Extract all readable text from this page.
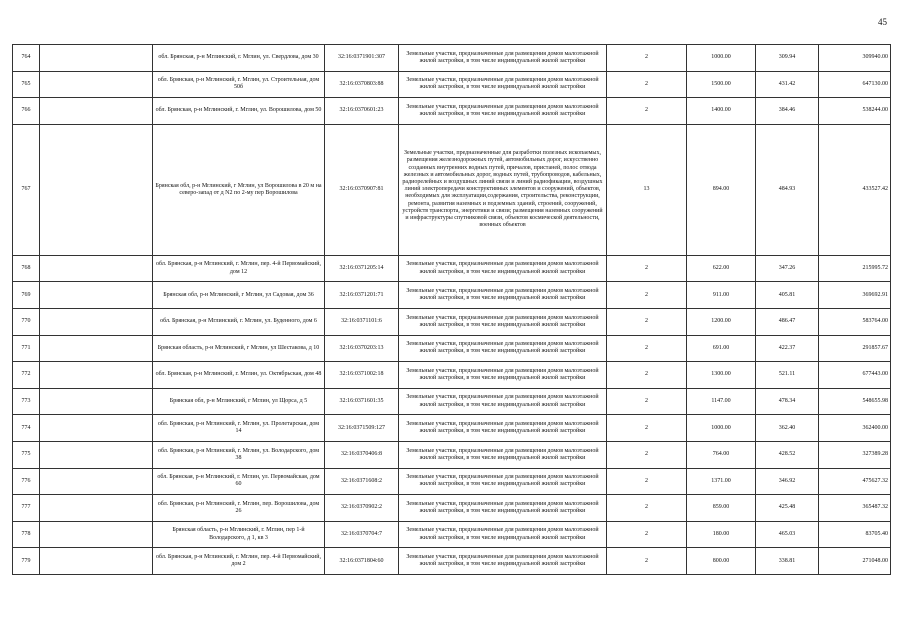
45
764		обл. Брянская, р-н Мглинский, г. Мглин, ул. Свердлова, дом 30	32:16:0371901:307	Земельные участки, предназначенные для размещения домов малоэтажной жилой застройки, в том числе индивидуальной жилой застройки	2	1000.00	309.94	309940.00
765		обл. Брянская, р-н Мглинский, г. Мглин, ул. Строительная, дом 50б	32:16:0370803:88	Земельные участки, предназначенные для размещения домов малоэтажной жилой застройки, в том числе индивидуальной жилой застройки	2	1500.00	431.42	647130.00
766		обл. Брянская, р-н Мглинский, г. Мглин, ул. Ворошилова, дом 50	32:16:0370601:23	Земельные участки, предназначенные для размещения домов малоэтажной жилой застройки, в том числе индивидуальной жилой застройки	2	1400.00	384.46	538244.00
767		Брянская обл, р-н Мглинский, г Мглин, ул Ворошилова в 20 м на северо-запад от д N2 по 2-му пер Ворошилова	32:16:0370907:81	Земельные участки, предназначенные для разработки полезных ископаемых, размещения железнодорожных путей, автомобильных дорог, искусственно созданных внутренних водных путей, причалов, пристаней, полос отвода железных и автомобильных дорог, водных путей, трубопроводов, кабельных, радиорелейных и воздушных линий связи и линий радиофикации, воздушных линий электропередачи конструктивных элементов и сооружений, объектов, необходимых для эксплуатации,содержания, строительства, реконструкции, ремонта, развития наземных и подземных зданий, строений, сооружений, устройств транспорта, энергетики и связи; размещения наземных сооружений и инфраструктуры спутниковой связи, объектов космической деятельности, военных объектов	13	894.00	484.93	433527.42
768		обл. Брянская, р-н Мглинский, г. Мглин, пер. 4-й Первомайский, дом 12	32:16:0371205:14	Земельные участки, предназначенные для размещения домов малоэтажной жилой застройки, в том числе индивидуальной жилой застройки	2	622.00	347.26	215995.72
769		Брянская обл, р-н Мглинский, г Мглин, ул Садовая, дом 36	32:16:0371201:71	Земельные участки, предназначенные для размещения домов малоэтажной жилой застройки, в том числе индивидуальной жилой застройки	2	911.00	405.81	369692.91
770		обл. Брянская, р-н Мглинский, г. Мглин, ул. Буденного, дом 6	32:16:0371101:6	Земельные участки, предназначенные для размещения домов малоэтажной жилой застройки, в том числе индивидуальной жилой застройки	2	1200.00	486.47	583764.00
771		Брянская область, р-н Мглинский, г Мглин, ул Шестакова, д 10	32:16:0370203:13	Земельные участки, предназначенные для размещения домов малоэтажной жилой застройки, в том числе индивидуальной жилой застройки	2	691.00	422.37	291857.67
772		обл. Брянская, р-н Мглинский, г. Мглин, ул. Октябрьская, дом 48	32:16:0371002:18	Земельные участки, предназначенные для размещения домов малоэтажной жилой застройки, в том числе индивидуальной жилой застройки	2	1300.00	521.11	677443.00
773		Брянская обл, р-н Мглинский, г Мглин, ул Щорса, д 5	32:16:0371601:35	Земельные участки, предназначенные для размещения домов малоэтажной жилой застройки, в том числе индивидуальной жилой застройки	2	1147.00	478.34	548655.98
774		обл. Брянская, р-н Мглинский, г. Мглин, ул. Пролетарская, дом 14	32:16:0371509:127	Земельные участки, предназначенные для размещения домов малоэтажной жилой застройки, в том числе индивидуальной жилой застройки	2	1000.00	362.40	362400.00
775		обл. Брянская, р-н Мглинский, г. Мглин, ул. Володарского, дом 38	32:16:0370406:8	Земельные участки, предназначенные для размещения домов малоэтажной жилой застройки, в том числе индивидуальной жилой застройки	2	764.00	428.52	327389.28
776		обл. Брянская, р-н Мглинский, г. Мглин, ул. Первомайская, дом 60	32:16:0371608:2	Земельные участки, предназначенные для размещения домов малоэтажной жилой застройки, в том числе индивидуальной жилой застройки	2	1371.00	346.92	475627.32
777		обл. Брянская, р-н Мглинский, г. Мглин, пер. Ворошилова, дом 26	32:16:0370902:2	Земельные участки, предназначенные для размещения домов малоэтажной жилой застройки, в том числе индивидуальной жилой застройки	2	859.00	425.48	365487.32
778		Брянская область, р-н Мглинский, г. Мглин, пер 1-й Володарского, д 1, кв 3	32:16:0370704:7	Земельные участки, предназначенные для размещения домов малоэтажной жилой застройки, в том числе индивидуальной жилой застройки	2	180.00	465.03	83705.40
779		обл. Брянская, р-н Мглинский, г. Мглин, пер. 4-й Первомайский, дом 2	32:16:0371804:60	Земельные участки, предназначенные для размещения домов малоэтажной жилой застройки, в том числе индивидуальной жилой застройки	2	800.00	338.81	271048.00
